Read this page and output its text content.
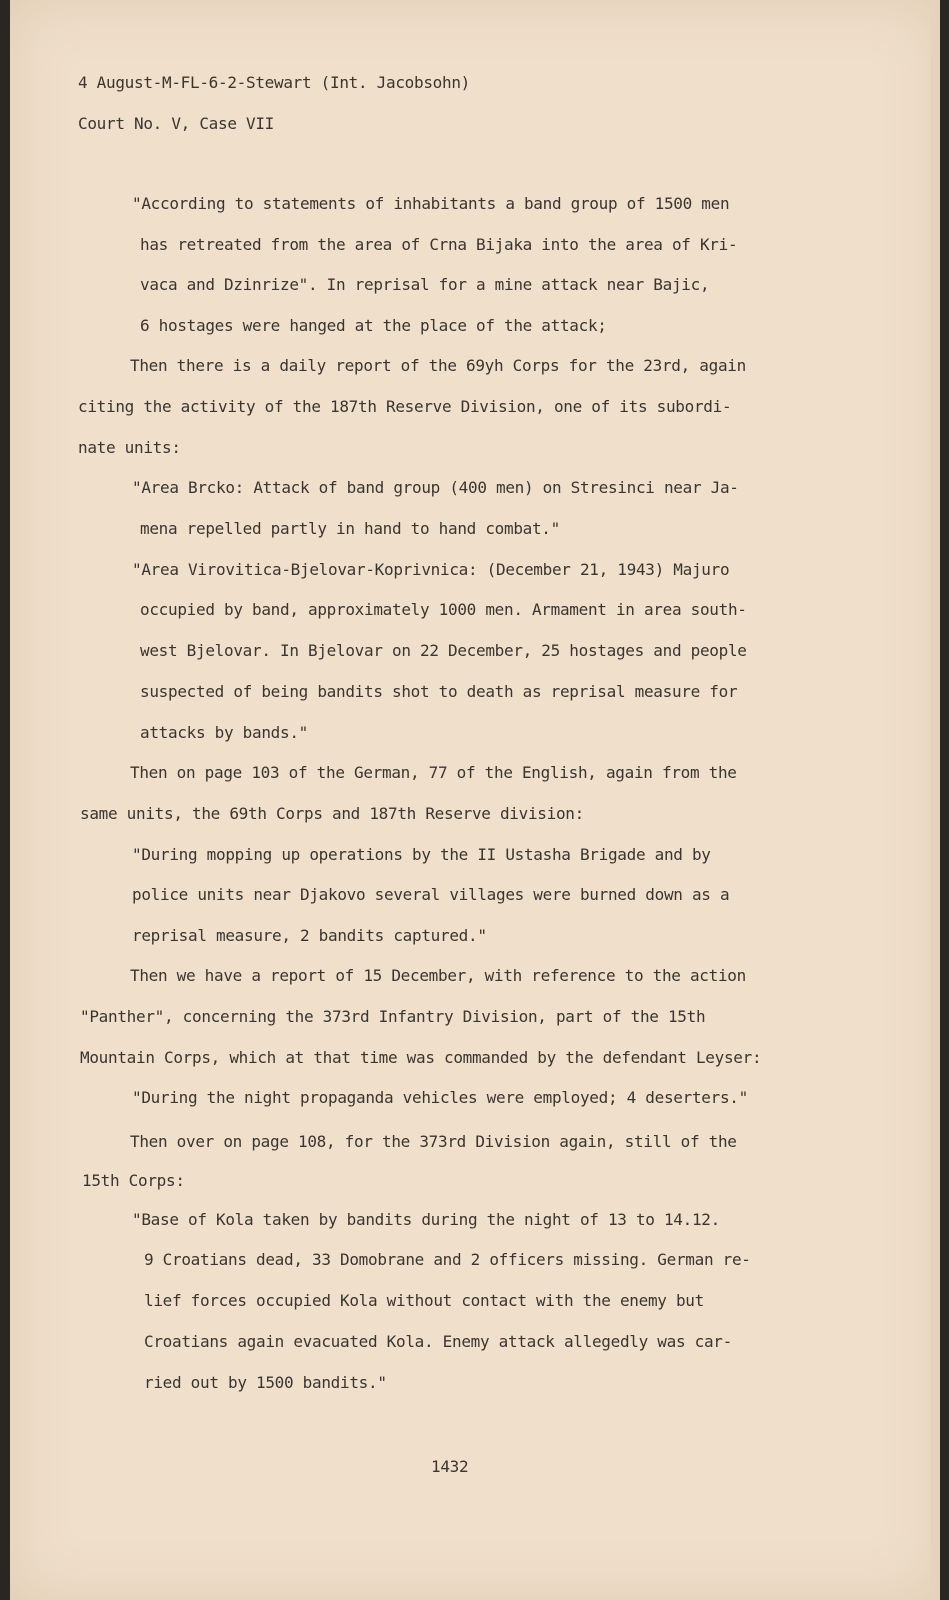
4 August-M-FL-6-2-Stewart (Int. Jacobsohn)
Court No. V, Case VII
"According to statements of inhabitants a band group of 1500 men
has retreated from the area of Crna Bijaka into the area of Kri-
vaca and Dzinrize". In reprisal for a mine attack near Bajic,
6 hostages were hanged at the place of the attack;
Then there is a daily report of the 69yh Corps for the 23rd, again
citing the activity of the 187th Reserve Division, one of its subordi-
nate units:
"Area Brcko: Attack of band group (400 men) on Stresinci near Ja-
mena repelled partly in hand to hand combat."
"Area Virovitica-Bjelovar-Koprivnica: (December 21, 1943) Majuro
occupied by band, approximately 1000 men. Armament in area south-
west Bjelovar. In Bjelovar on 22 December, 25 hostages and people
suspected of being bandits shot to death as reprisal measure for
attacks by bands."
Then on page 103 of the German, 77 of the English, again from the
same units, the 69th Corps and 187th Reserve division:
"During mopping up operations by the II Ustasha Brigade and by
police units near Djakovo several villages were burned down as a
reprisal measure, 2 bandits captured."
Then we have a report of 15 December, with reference to the action
"Panther", concerning the 373rd Infantry Division, part of the 15th
Mountain Corps, which at that time was commanded by the defendant Leyser:
"During the night propaganda vehicles were employed; 4 deserters."
Then over on page 108, for the 373rd Division again, still of the
15th Corps:
"Base of Kola taken by bandits during the night of 13 to 14.12.
9 Croatians dead, 33 Domobrane and 2 officers missing. German re-
lief forces occupied Kola without contact with the enemy but
Croatians again evacuated Kola. Enemy attack allegedly was car-
ried out by 1500 bandits."
1432
